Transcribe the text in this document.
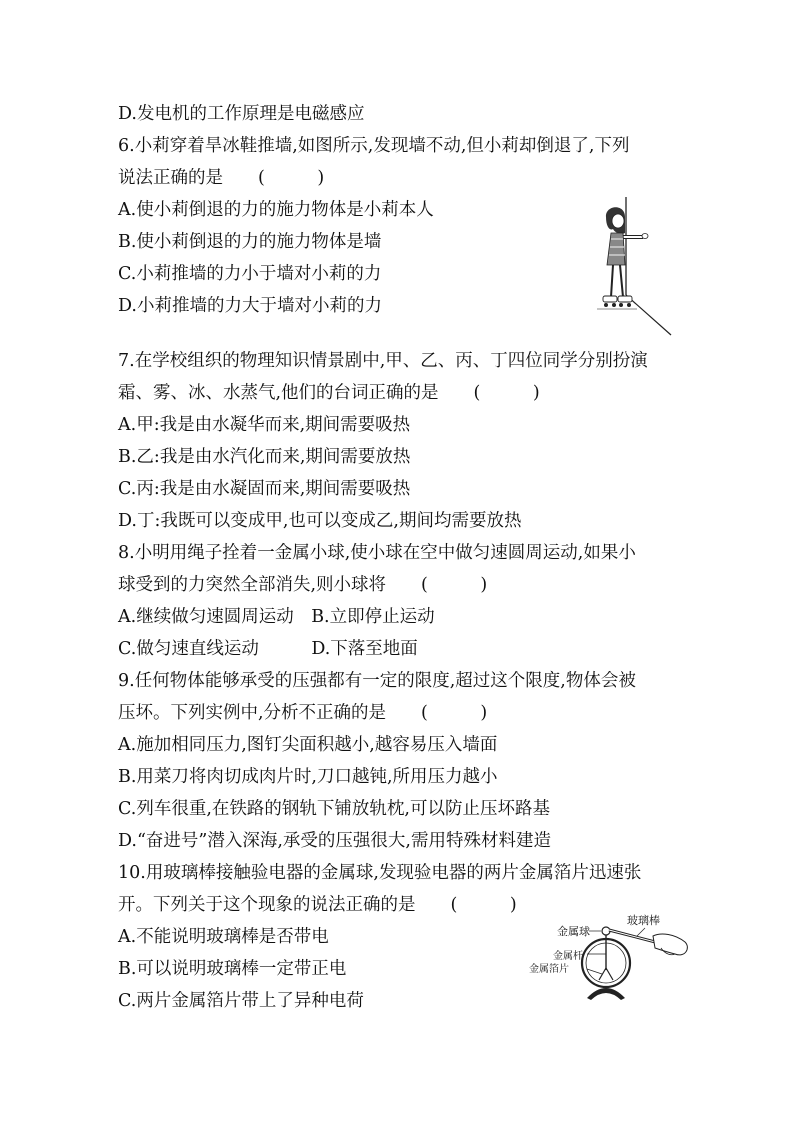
D.发电机的工作原理是电磁感应
6.小莉穿着旱冰鞋推墙,如图所示,发现墙不动,但小莉却倒退了,下列
说法正确的是　　(　　　)
A.使小莉倒退的力的施力物体是小莉本人
B.使小莉倒退的力的施力物体是墙
C.小莉推墙的力小于墙对小莉的力
D.小莉推墙的力大于墙对小莉的力
7.在学校组织的物理知识情景剧中,甲、乙、丙、丁四位同学分别扮演
霜、雾、冰、水蒸气,他们的台词正确的是　　(　　　)
A.甲:我是由水凝华而来,期间需要吸热
B.乙:我是由水汽化而来,期间需要放热
C.丙:我是由水凝固而来,期间需要吸热
D.丁:我既可以变成甲,也可以变成乙,期间均需要放热
8.小明用绳子拴着一金属小球,使小球在空中做匀速圆周运动,如果小
球受到的力突然全部消失,则小球将　　(　　　)
A.继续做匀速圆周运动　B.立即停止运动
C.做匀速直线运动　　　D.下落至地面
9.任何物体能够承受的压强都有一定的限度,超过这个限度,物体会被
压坏。下列实例中,分析不正确的是　　(　　　)
A.施加相同压力,图钉尖面积越小,越容易压入墙面
B.用菜刀将肉切成肉片时,刀口越钝,所用压力越小
C.列车很重,在铁路的钢轨下铺放轨枕,可以防止压坏路基
D.“奋进号”潜入深海,承受的压强很大,需用特殊材料建造
10.用玻璃棒接触验电器的金属球,发现验电器的两片金属箔片迅速张
开。下列关于这个现象的说法正确的是　　(　　　)
A.不能说明玻璃棒是否带电
B.可以说明玻璃棒一定带正电
C.两片金属箔片带上了异种电荷
金属球
玻璃棒
金属杆
金属箔片
